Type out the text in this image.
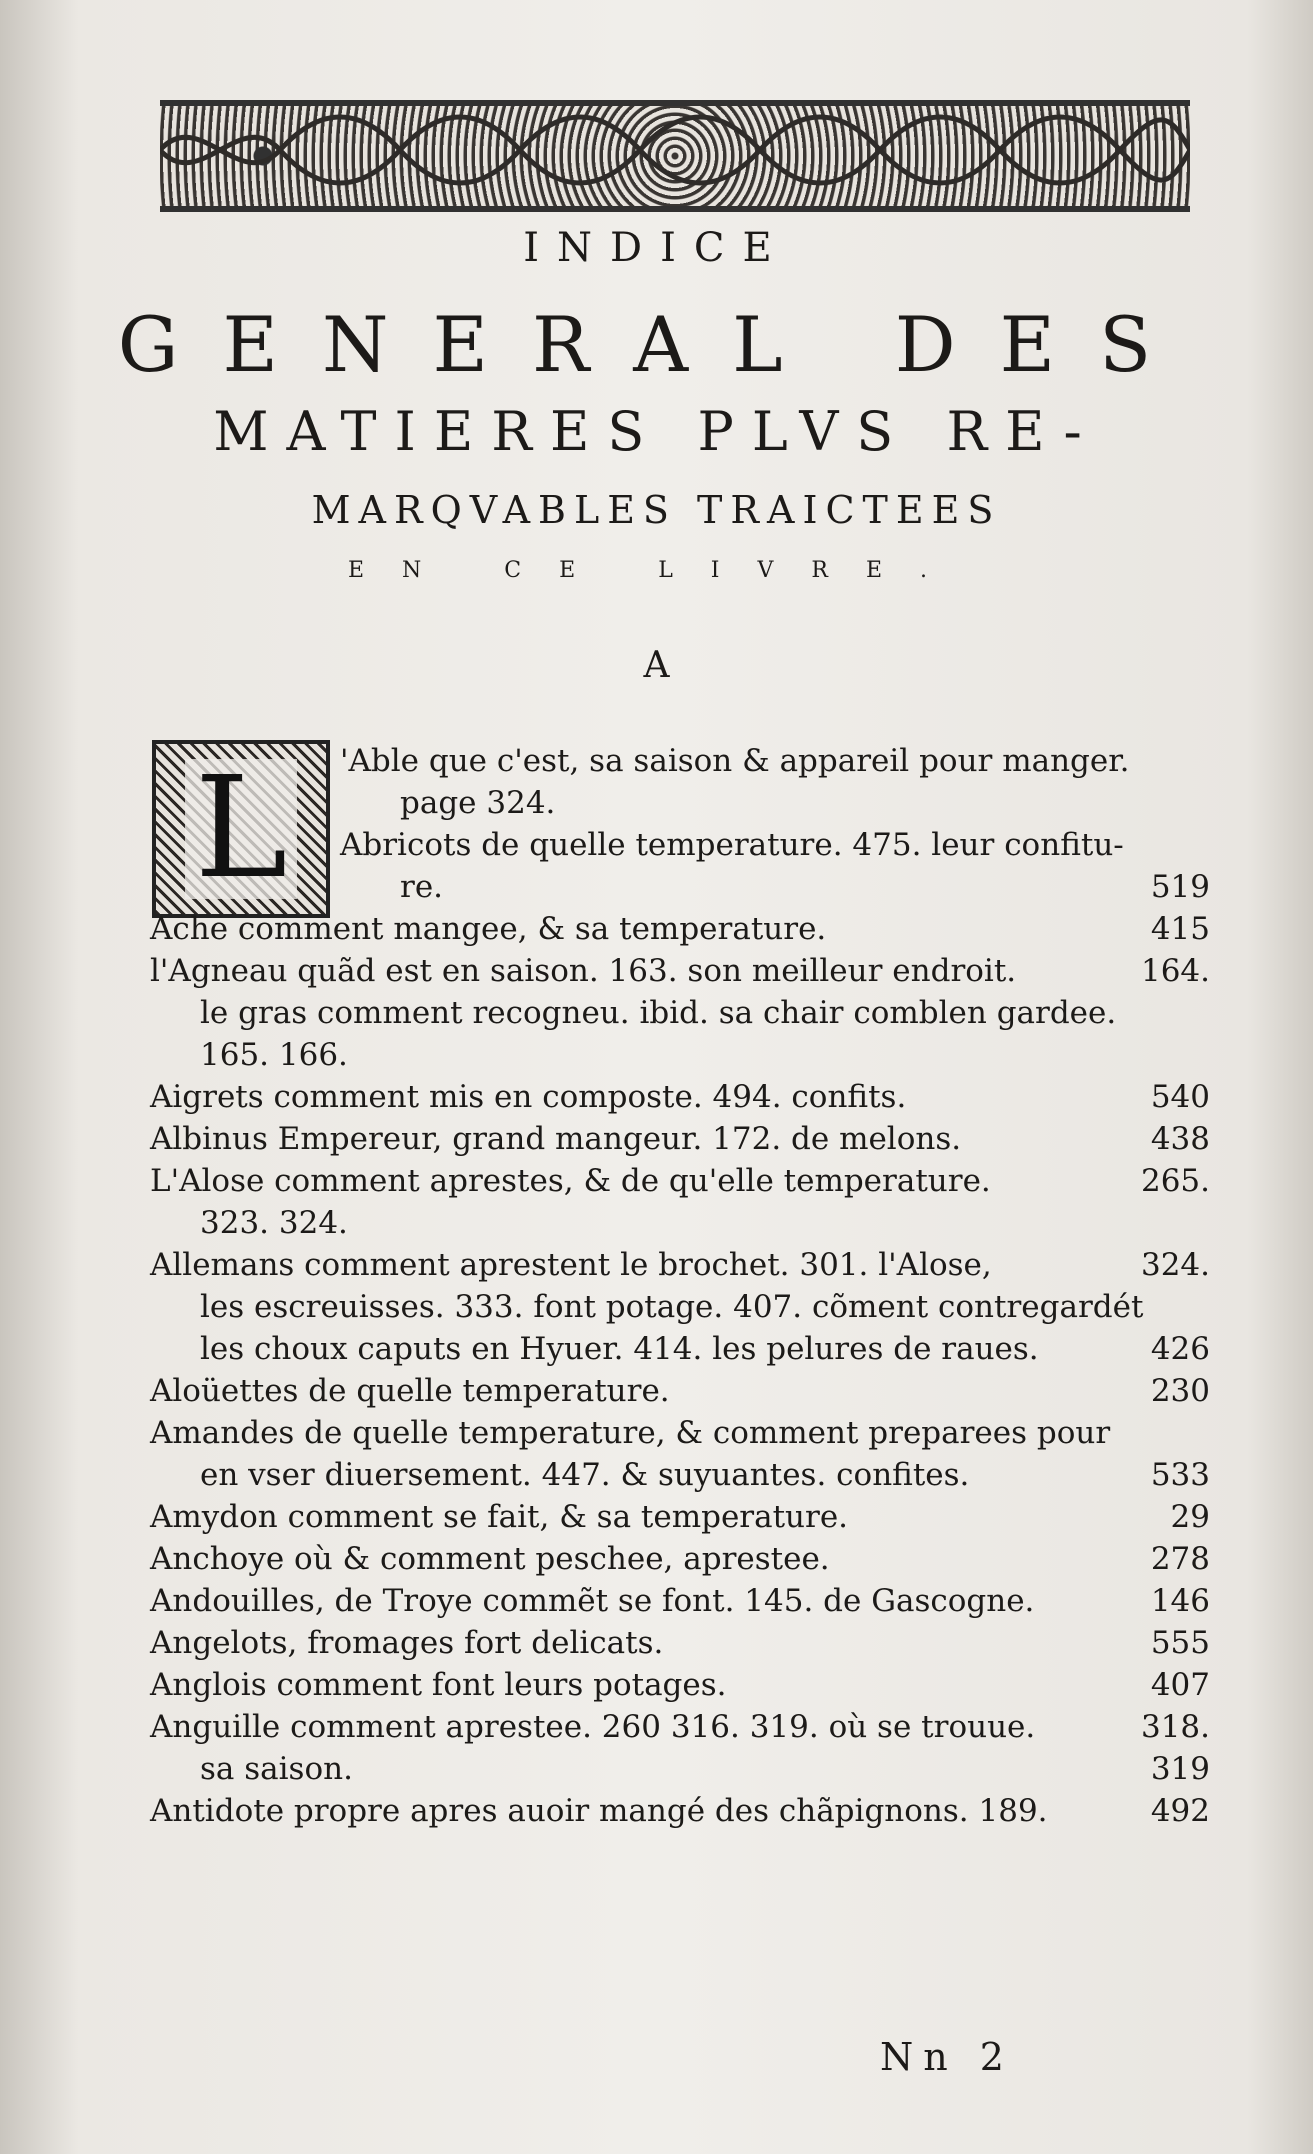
INDICE
GENERAL DES
MATIERES PLVS RE-
MARQVABLES TRAICTEES
EN CE LIVRE.
A
L	'Able que c'est, sa saison & appareil pour manger.
page 324.
Abricots de quelle temperature. 475. leur confitu-
re.	519
Ache comment mangee, & sa temperature.	415
l'Agneau quãd est en saison. 163. son meilleur endroit.	164.
le gras comment recogneu. ibid. sa chair comblen gardee.
165. 166.
Aigrets comment mis en composte. 494. confits.	540
Albinus Empereur, grand mangeur. 172. de melons.	438
L'Alose comment aprestes, & de qu'elle temperature.	265.
323. 324.
Allemans comment aprestent le brochet. 301. l'Alose,	324.
les escreuisses. 333. font potage. 407. cõment contregardét
les choux caputs en Hyuer. 414. les pelures de raues.	426
Aloüettes de quelle temperature.	230
Amandes de quelle temperature, & comment preparees pour
en vser diuersement. 447. & suyuantes. confites.	533
Amydon comment se fait, & sa temperature.	29
Anchoye où & comment peschee, aprestee.	278
Andouilles, de Troye commẽt se font. 145. de Gascogne.	146
Angelots, fromages fort delicats.	555
Anglois comment font leurs potages.	407
Anguille comment aprestee. 260 316. 319. où se trouue.	318.
sa saison.	319
Antidote propre apres auoir mangé des chãpignons. 189.	492
Nn 2
